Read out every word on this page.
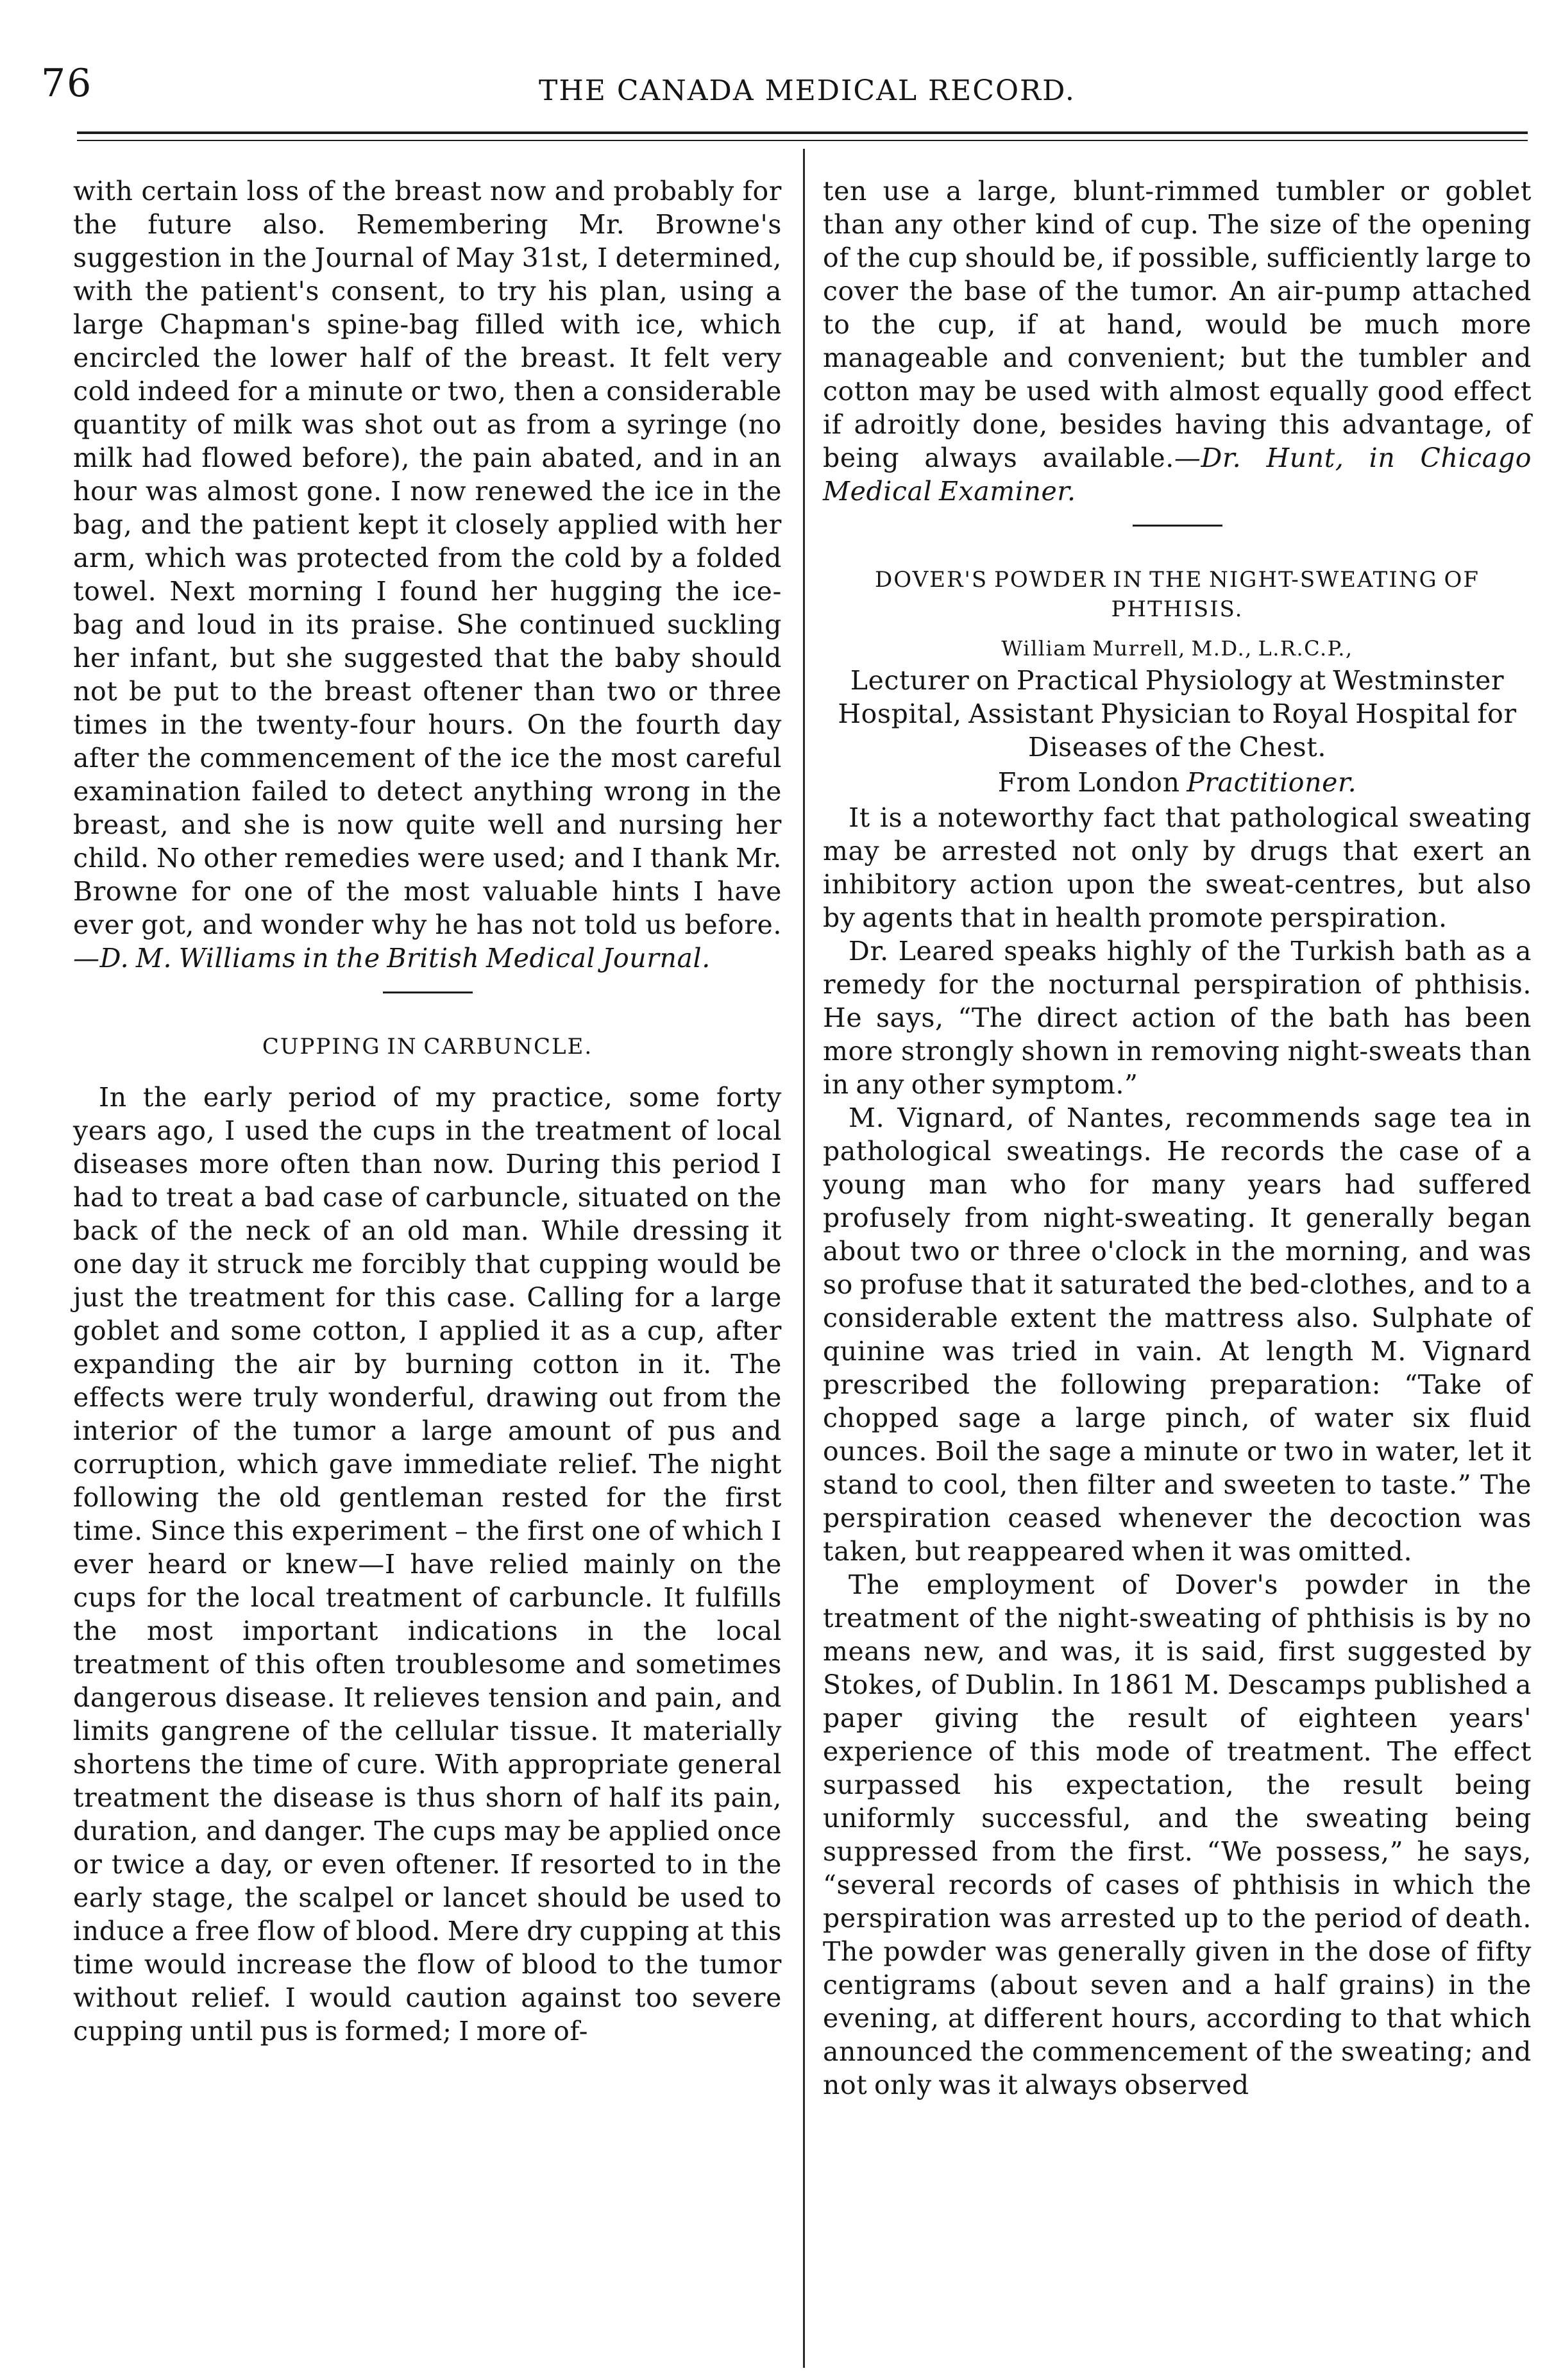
76	THE CANADA MEDICAL RECORD.

with certain loss of the breast now and probably for the future also. Remembering Mr. Browne's suggestion in the Journal of May 31st, I determined, with the patient's consent, to try his plan, using a large Chapman's spine-bag filled with ice, which encircled the lower half of the breast. It felt very cold indeed for a minute or two, then a considerable quantity of milk was shot out as from a syringe (no milk had flowed before), the pain abated, and in an hour was almost gone. I now renewed the ice in the bag, and the patient kept it closely applied with her arm, which was protected from the cold by a folded towel. Next morning I found her hugging the ice-bag and loud in its praise. She continued suckling her infant, but she suggested that the baby should not be put to the breast oftener than two or three times in the twenty-four hours. On the fourth day after the commencement of the ice the most careful examination failed to detect anything wrong in the breast, and she is now quite well and nursing her child. No other remedies were used; and I thank Mr. Browne for one of the most valuable hints I have ever got, and wonder why he has not told us before.—D. M. Williams in the British Medical Journal.

CUPPING IN CARBUNCLE.

In the early period of my practice, some forty years ago, I used the cups in the treatment of local diseases more often than now. During this period I had to treat a bad case of carbuncle, situated on the back of the neck of an old man. While dressing it one day it struck me forcibly that cupping would be just the treatment for this case. Calling for a large goblet and some cotton, I applied it as a cup, after expanding the air by burning cotton in it. The effects were truly wonderful, drawing out from the interior of the tumor a large amount of pus and corruption, which gave immediate relief. The night following the old gentleman rested for the first time. Since this experiment – the first one of which I ever heard or knew—I have relied mainly on the cups for the local treatment of carbuncle. It fulfills the most important indications in the local treatment of this often troublesome and sometimes dangerous disease. It relieves tension and pain, and limits gangrene of the cellular tissue. It materially shortens the time of cure. With appropriate general treatment the disease is thus shorn of half its pain, duration, and danger. The cups may be applied once or twice a day, or even oftener. If resorted to in the early stage, the scalpel or lancet should be used to induce a free flow of blood. Mere dry cupping at this time would increase the flow of blood to the tumor without relief. I would caution against too severe cupping until pus is formed; I more of-

ten use a large, blunt-rimmed tumbler or goblet than any other kind of cup. The size of the opening of the cup should be, if possible, sufficiently large to cover the base of the tumor. An air-pump attached to the cup, if at hand, would be much more manageable and convenient; but the tumbler and cotton may be used with almost equally good effect if adroitly done, besides having this advantage, of being always available.—Dr. Hunt, in Chicago Medical Examiner.

DOVER'S POWDER IN THE NIGHT-SWEATING OF PHTHISIS.
William Murrell, M.D., L.R.C.P.,
Lecturer on Practical Physiology at Westminster Hospital, Assistant Physician to Royal Hospital for Diseases of the Chest.
From London Practitioner.

It is a noteworthy fact that pathological sweating may be arrested not only by drugs that exert an inhibitory action upon the sweat-centres, but also by agents that in health promote perspiration.

Dr. Leared speaks highly of the Turkish bath as a remedy for the nocturnal perspiration of phthisis. He says, “The direct action of the bath has been more strongly shown in removing night-sweats than in any other symptom.”

M. Vignard, of Nantes, recommends sage tea in pathological sweatings. He records the case of a young man who for many years had suffered profusely from night-sweating. It generally began about two or three o'clock in the morning, and was so profuse that it saturated the bed-clothes, and to a considerable extent the mattress also. Sulphate of quinine was tried in vain. At length M. Vignard prescribed the following preparation: “Take of chopped sage a large pinch, of water six fluid ounces. Boil the sage a minute or two in water, let it stand to cool, then filter and sweeten to taste.” The perspiration ceased whenever the decoction was taken, but reappeared when it was omitted.

The employment of Dover's powder in the treatment of the night-sweating of phthisis is by no means new, and was, it is said, first suggested by Stokes, of Dublin. In 1861 M. Descamps published a paper giving the result of eighteen years' experience of this mode of treatment. The effect surpassed his expectation, the result being uniformly successful, and the sweating being suppressed from the first. “We possess,” he says, “several records of cases of phthisis in which the perspiration was arrested up to the period of death. The powder was generally given in the dose of fifty centigrams (about seven and a half grains) in the evening, at different hours, according to that which announced the commencement of the sweating; and not only was it always observed
